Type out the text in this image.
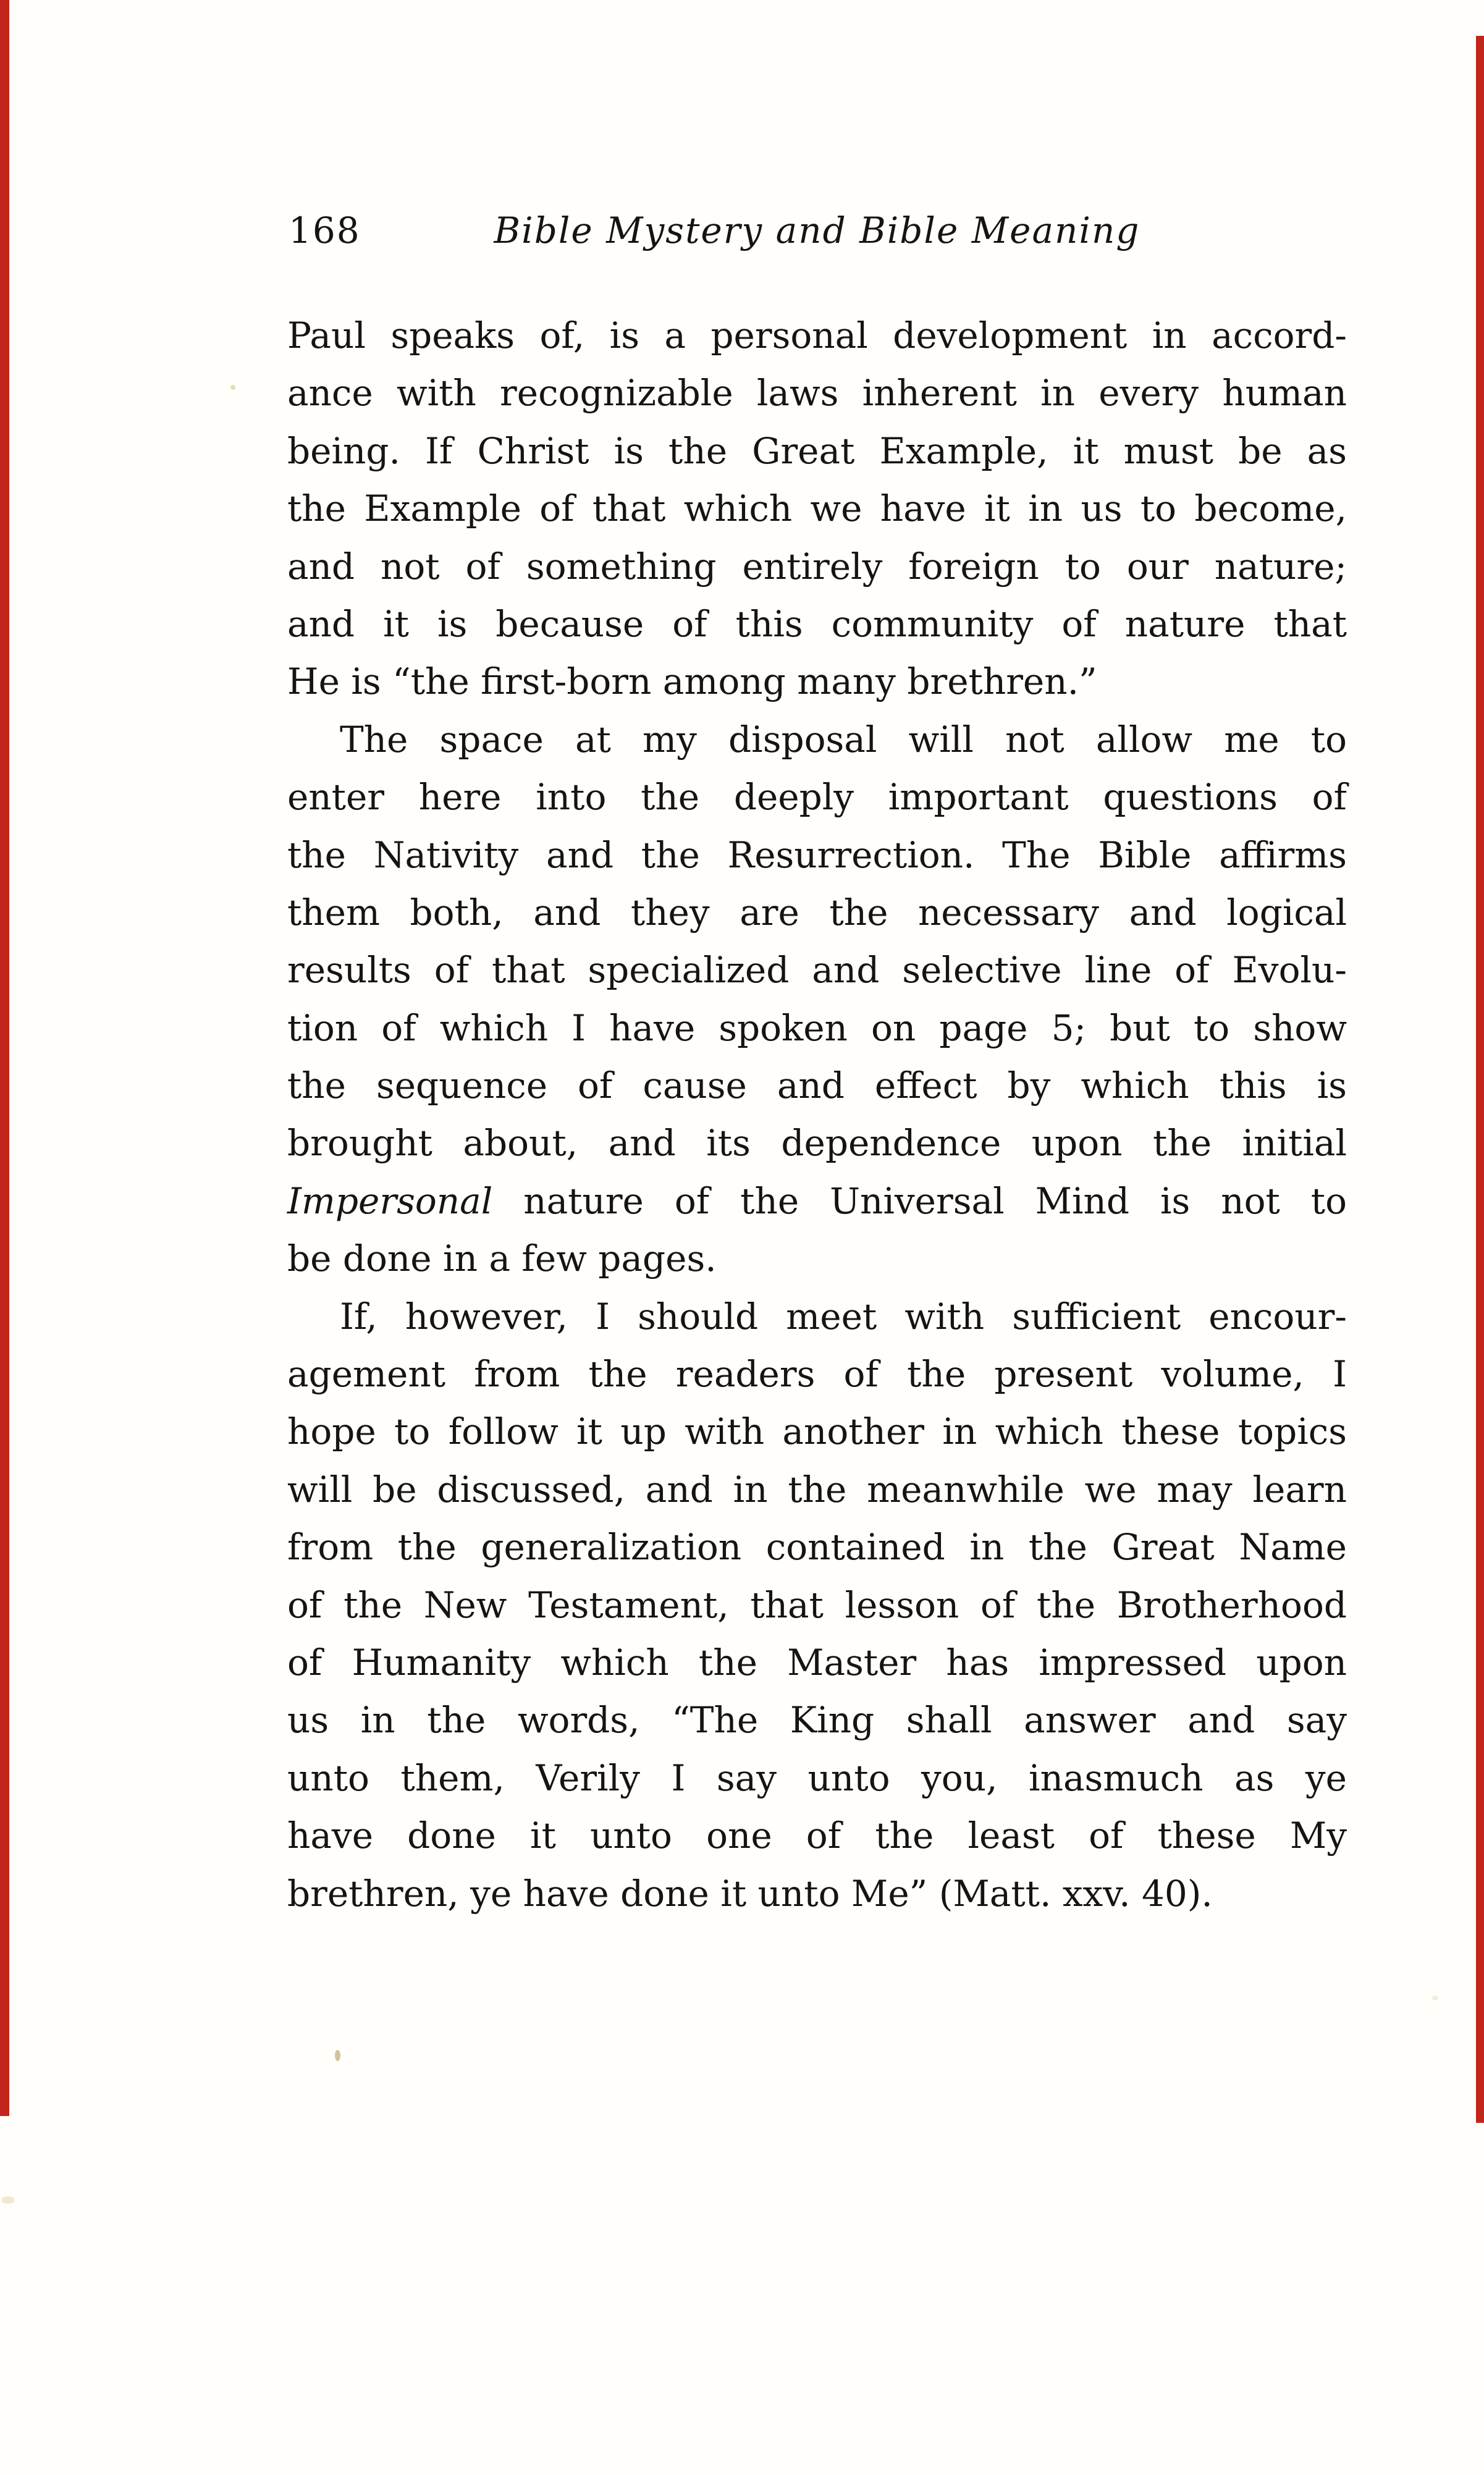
168	Bible Mystery and Bible Meaning
Paul speaks of, is a personal development in accord-
ance with recognizable laws inherent in every human
being. If Christ is the Great Example, it must be as
the Example of that which we have it in us to become,
and not of something entirely foreign to our nature;
and it is because of this community of nature that
He is “the first-born among many brethren.”
The space at my disposal will not allow me to
enter here into the deeply important questions of
the Nativity and the Resurrection. The Bible affirms
them both, and they are the necessary and logical
results of that specialized and selective line of Evolu-
tion of which I have spoken on page 5; but to show
the sequence of cause and effect by which this is
brought about, and its dependence upon the initial
Impersonal nature of the Universal Mind is not to
be done in a few pages.
If, however, I should meet with sufficient encour-
agement from the readers of the present volume, I
hope to follow it up with another in which these topics
will be discussed, and in the meanwhile we may learn
from the generalization contained in the Great Name
of the New Testament, that lesson of the Brotherhood
of Humanity which the Master has impressed upon
us in the words, “The King shall answer and say
unto them, Verily I say unto you, inasmuch as ye
have done it unto one of the least of these My
brethren, ye have done it unto Me” (Matt. xxv. 40).
